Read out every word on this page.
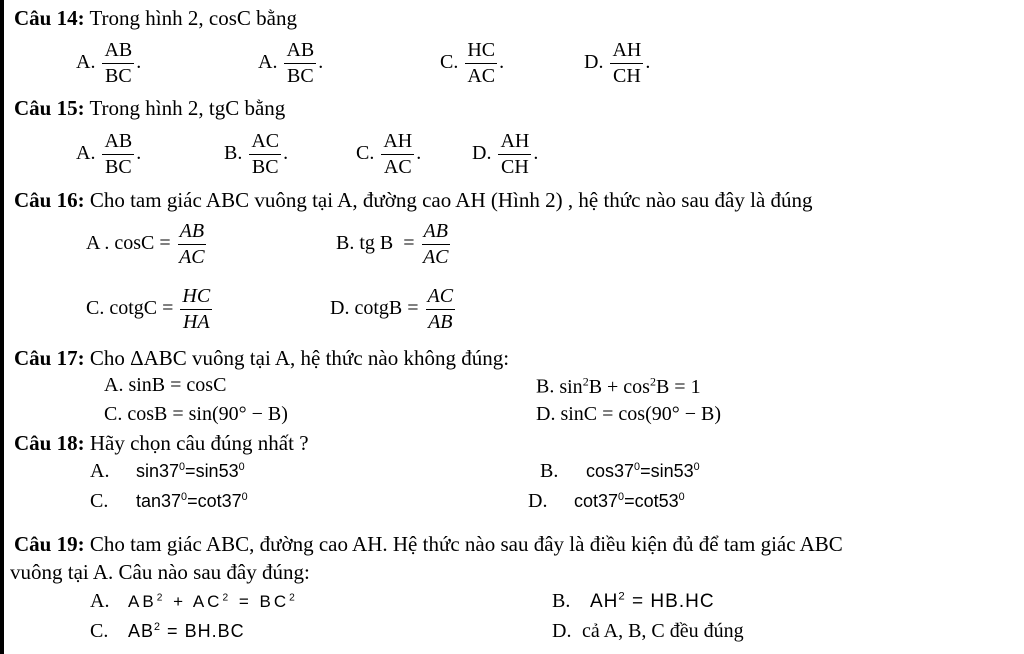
Câu 14: Trong hình 2, cosC bằng
A. $\frac{AB}{BC}$ .	A. $\frac{AB}{BC}$ .	C. $\frac{HC}{AC}$ .	D. $\frac{AH}{CH}$ .
Câu 15: Trong hình 2, tgC bằng
A. $\frac{AB}{BC}$ .	B. $\frac{AC}{BC}$ .	C. $\frac{AH}{AC}$ .	D. $\frac{AH}{CH}$ .
Câu 16: Cho tam giác ABC vuông tại A, đường cao AH (Hình 2) , hệ thức nào sau đây là đúng
A . $\cos C = \frac{AB}{AC}$	B. tg $B = \frac{AB}{AC}$
C. cotgC = $\frac{HC}{HA}$	D. cotgB = $\frac{AC}{AB}$
Câu 17: Cho ΔABC vuông tại A, hệ thức nào không đúng:
A. sinB = cosC	B. $\sin^2B + \cos^2B = 1$
C. cosB = sin(90° − B)	D. sinC = cos(90° − B)
Câu 18: Hãy chọn câu đúng nhất ?
A. $\sin 37^0=\sin 53^0$	B. $\cos 37^0=\sin 53^0$
C. $\tan 37^0=\cot 37^0$	D. $\cot 37^0=\cot 53^0$
Câu 19: Cho tam giác ABC, đường cao AH. Hệ thức nào sau đây là điều kiện đủ để tam giác ABC
vuông tại A. Câu nào sau đây đúng:
A. $AB^2 + AC^2 = BC^2$	B. $AH^2 = HB.HC$
C. $AB^2 = BH.BC$	D. cả A, B, C đều đúng
